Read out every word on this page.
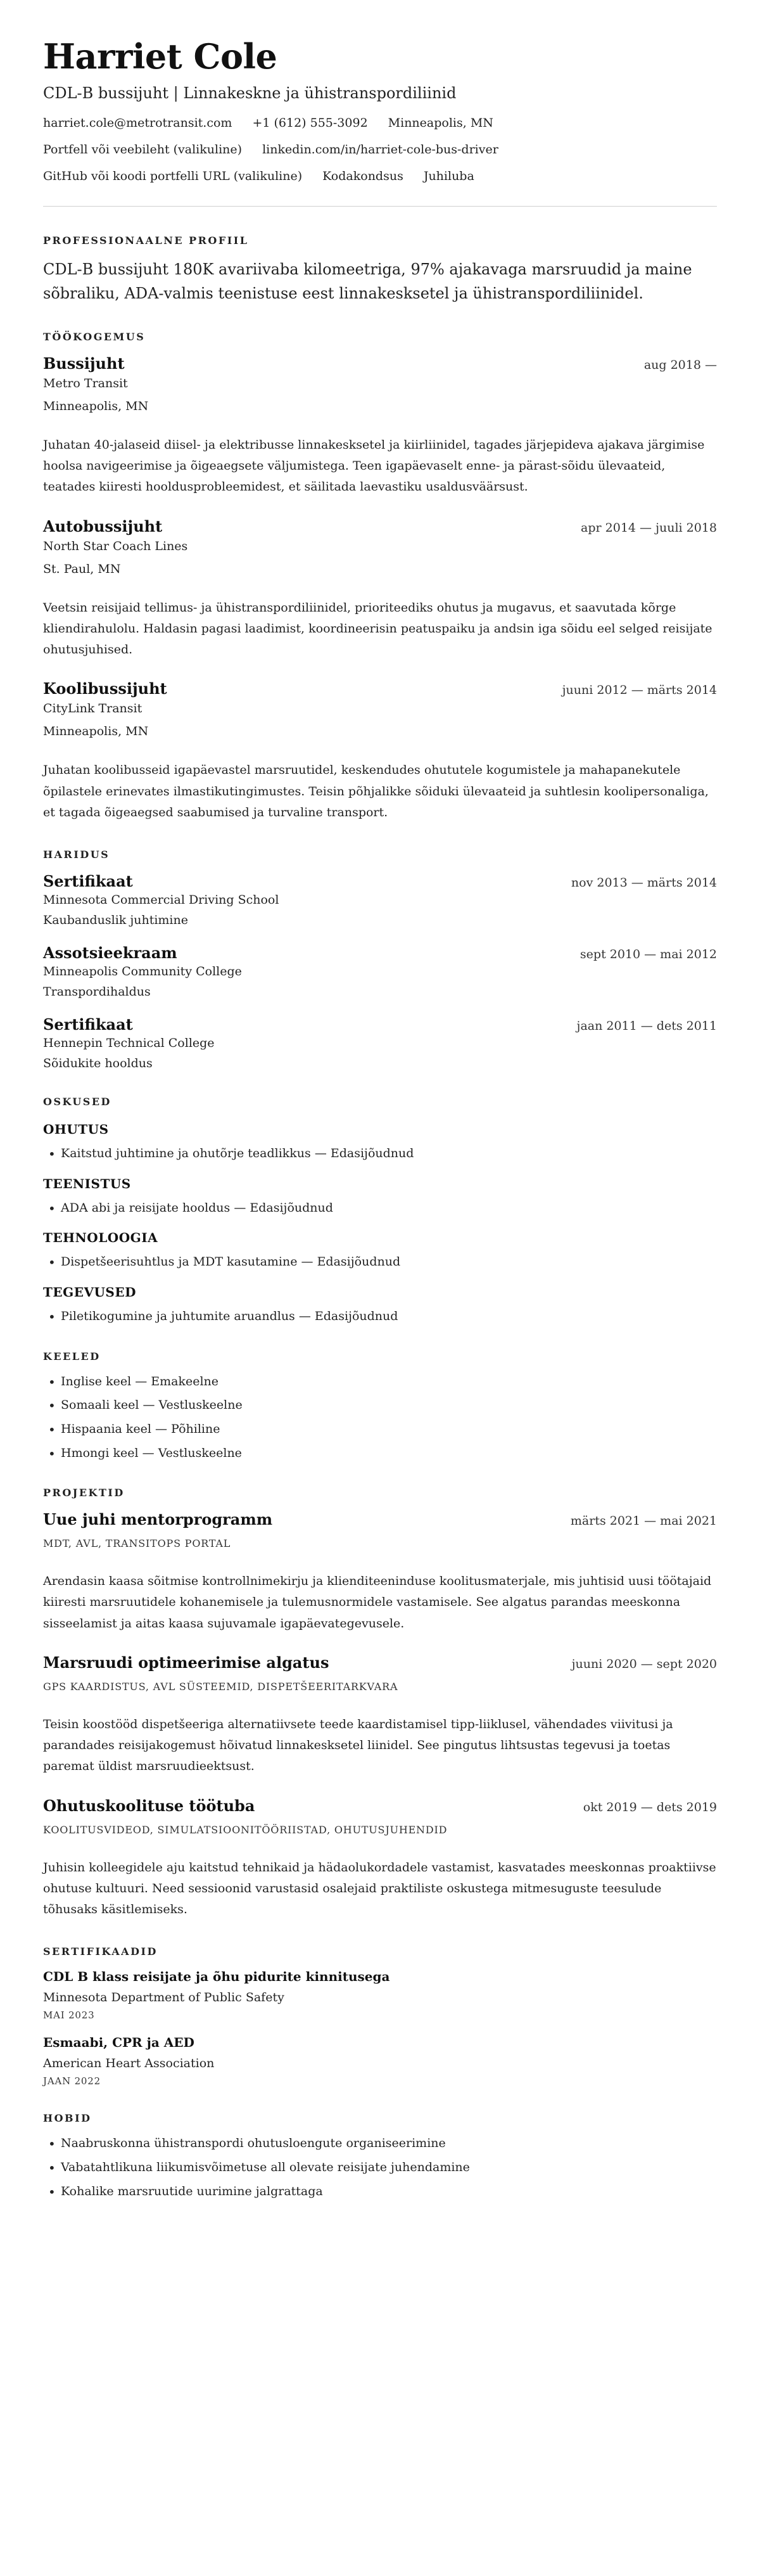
Harriet Cole
CDL-B bussijuht | Linnakeskne ja ühistranspordiliinid
harriet.cole@metrotransit.com +1 (612) 555-3092 Minneapolis, MN
Portfell või veebileht (valikuline) linkedin.com/in/harriet-cole-bus-driver
GitHub või koodi portfelli URL (valikuline) Kodakondsus Juhiluba
PROFESSIONAALNE PROFIIL
CDL-B bussijuht 180K avariivaba kilomeetriga, 97% ajakavaga marsruudid ja maine sõbraliku, ADA-valmis teenistuse eest linnakesksetel ja ühistranspordiliinidel.
TÖÖKOGEMUS
Bussijuht	aug 2018 —
Metro Transit
Minneapolis, MN
Juhatan 40-jalaseid diisel- ja elektribusse linnakesksetel ja kiirliinidel, tagades järjepideva ajakava järgimise hoolsa navigeerimise ja õigeaegsete väljumistega. Teen igapäevaselt enne- ja pärast-sõidu ülevaateid, teatades kiiresti hooldusprobleemidest, et säilitada laevastiku usaldusväärsust.
Autobussijuht	apr 2014 — juuli 2018
North Star Coach Lines
St. Paul, MN
Veetsin reisijaid tellimus- ja ühistranspordiliinidel, prioriteediks ohutus ja mugavus, et saavutada kõrge kliendirahulolu. Haldasin pagasi laadimist, koordineerisin peatuspaiku ja andsin iga sõidu eel selged reisijate ohutusjuhised.
Koolibussijuht	juuni 2012 — märts 2014
CityLink Transit
Minneapolis, MN
Juhatan koolibusseid igapäevastel marsruutidel, keskendudes ohututele kogumistele ja mahapanekutele õpilastele erinevates ilmastikutingimustes. Teisin põhjalikke sõiduki ülevaateid ja suhtlesin koolipersonaliga, et tagada õigeaegsed saabumised ja turvaline transport.
HARIDUS
Sertifikaat	nov 2013 — märts 2014
Minnesota Commercial Driving School
Kaubanduslik juhtimine
Assotsieekraam	sept 2010 — mai 2012
Minneapolis Community College
Transpordihaldus
Sertifikaat	jaan 2011 — dets 2011
Hennepin Technical College
Sõidukite hooldus
OSKUSED
OHUTUS
• Kaitstud juhtimine ja ohutõrje teadlikkus — Edasijõudnud
TEENISTUS
• ADA abi ja reisijate hooldus — Edasijõudnud
TEHNOLOOGIA
• Dispetšeerisuhtlus ja MDT kasutamine — Edasijõudnud
TEGEVUSED
• Piletikogumine ja juhtumite aruandlus — Edasijõudnud
KEELED
• Inglise keel — Emakeelne
• Somaali keel — Vestluskeelne
• Hispaania keel — Põhiline
• Hmongi keel — Vestluskeelne
PROJEKTID
Uue juhi mentorprogramm	märts 2021 — mai 2021
MDT, AVL, TRANSITOPS PORTAL
Arendasin kaasa sõitmise kontrollnimekirju ja klienditeeninduse koolitusmaterjale, mis juhtisid uusi töötajaid kiiresti marsruutidele kohanemisele ja tulemusnormidele vastamisele. See algatus parandas meeskonna sisseelamist ja aitas kaasa sujuvamale igapäevategevusele.
Marsruudi optimeerimise algatus	juuni 2020 — sept 2020
GPS KAARDISTUS, AVL SÜSTEEMID, DISPETŠEERITARKVARA
Teisin koostööd dispetšeeriga alternatiivsete teede kaardistamisel tipp-liiklusel, vähendades viivitusi ja parandades reisijakogemust hõivatud linnakesksetel liinidel. See pingutus lihtsustas tegevusi ja toetas paremat üldist marsruudieektsust.
Ohutuskoolituse töötuba	okt 2019 — dets 2019
KOOLITUSVIDEOD, SIMULATSIOONITÖÖRIISTAD, OHUTUSJUHENDID
Juhisin kolleegidele aju kaitstud tehnikaid ja hädaolukordadele vastamist, kasvatades meeskonnas proaktiivse ohutuse kultuuri. Need sessioonid varustasid osalejaid praktiliste oskustega mitmesuguste teesulude tõhusaks käsitlemiseks.
SERTIFIKAADID
CDL B klass reisijate ja õhu pidurite kinnitusega
Minnesota Department of Public Safety
MAI 2023
Esmaabi, CPR ja AED
American Heart Association
JAAN 2022
HOBID
• Naabruskonna ühistranspordi ohutusloengute organiseerimine
• Vabatahtlikuna liikumisvõimetuse all olevate reisijate juhendamine
• Kohalike marsruutide uurimine jalgrattaga
